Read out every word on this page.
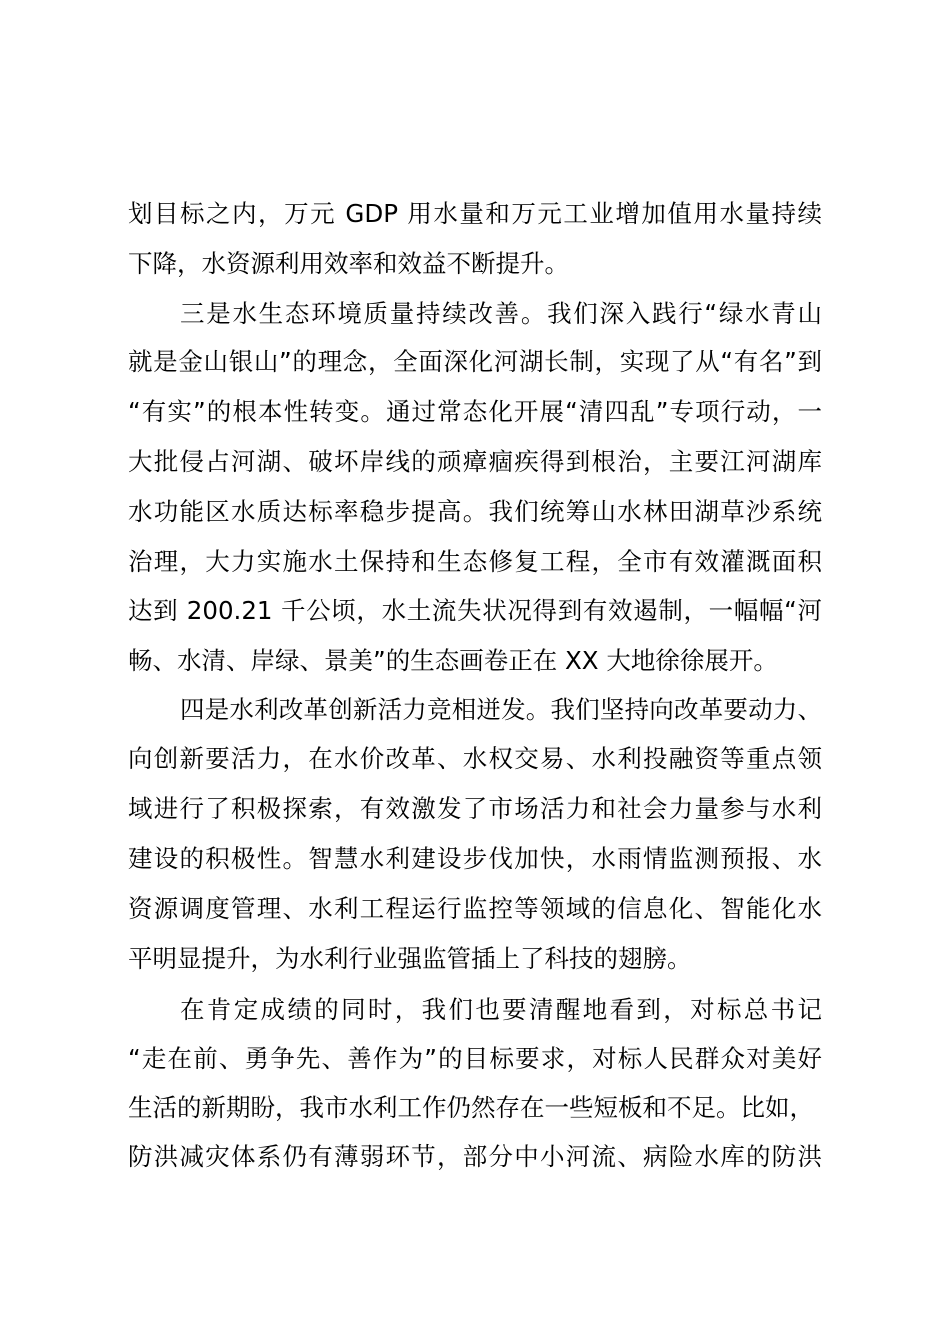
划目标之内，万元 GDP 用水量和万元工业增加值用水量持续
下降，水资源利用效率和效益不断提升。
三是水生态环境质量持续改善。我们深入践行“绿水青山
就是金山银山”的理念，全面深化河湖长制，实现了从“有名”到
“有实”的根本性转变。通过常态化开展“清四乱”专项行动，一
大批侵占河湖、破坏岸线的顽瘴痼疾得到根治，主要江河湖库
水功能区水质达标率稳步提高。我们统筹山水林田湖草沙系统
治理，大力实施水土保持和生态修复工程，全市有效灌溉面积
达到 200.21 千公顷，水土流失状况得到有效遏制，一幅幅“河
畅、水清、岸绿、景美”的生态画卷正在 XX 大地徐徐展开。
四是水利改革创新活力竞相迸发。我们坚持向改革要动力、
向创新要活力，在水价改革、水权交易、水利投融资等重点领
域进行了积极探索，有效激发了市场活力和社会力量参与水利
建设的积极性。智慧水利建设步伐加快，水雨情监测预报、水
资源调度管理、水利工程运行监控等领域的信息化、智能化水
平明显提升，为水利行业强监管插上了科技的翅膀。
在肯定成绩的同时，我们也要清醒地看到，对标总书记
“走在前、勇争先、善作为”的目标要求，对标人民群众对美好
生活的新期盼，我市水利工作仍然存在一些短板和不足。比如，
防洪减灾体系仍有薄弱环节，部分中小河流、病险水库的防洪
